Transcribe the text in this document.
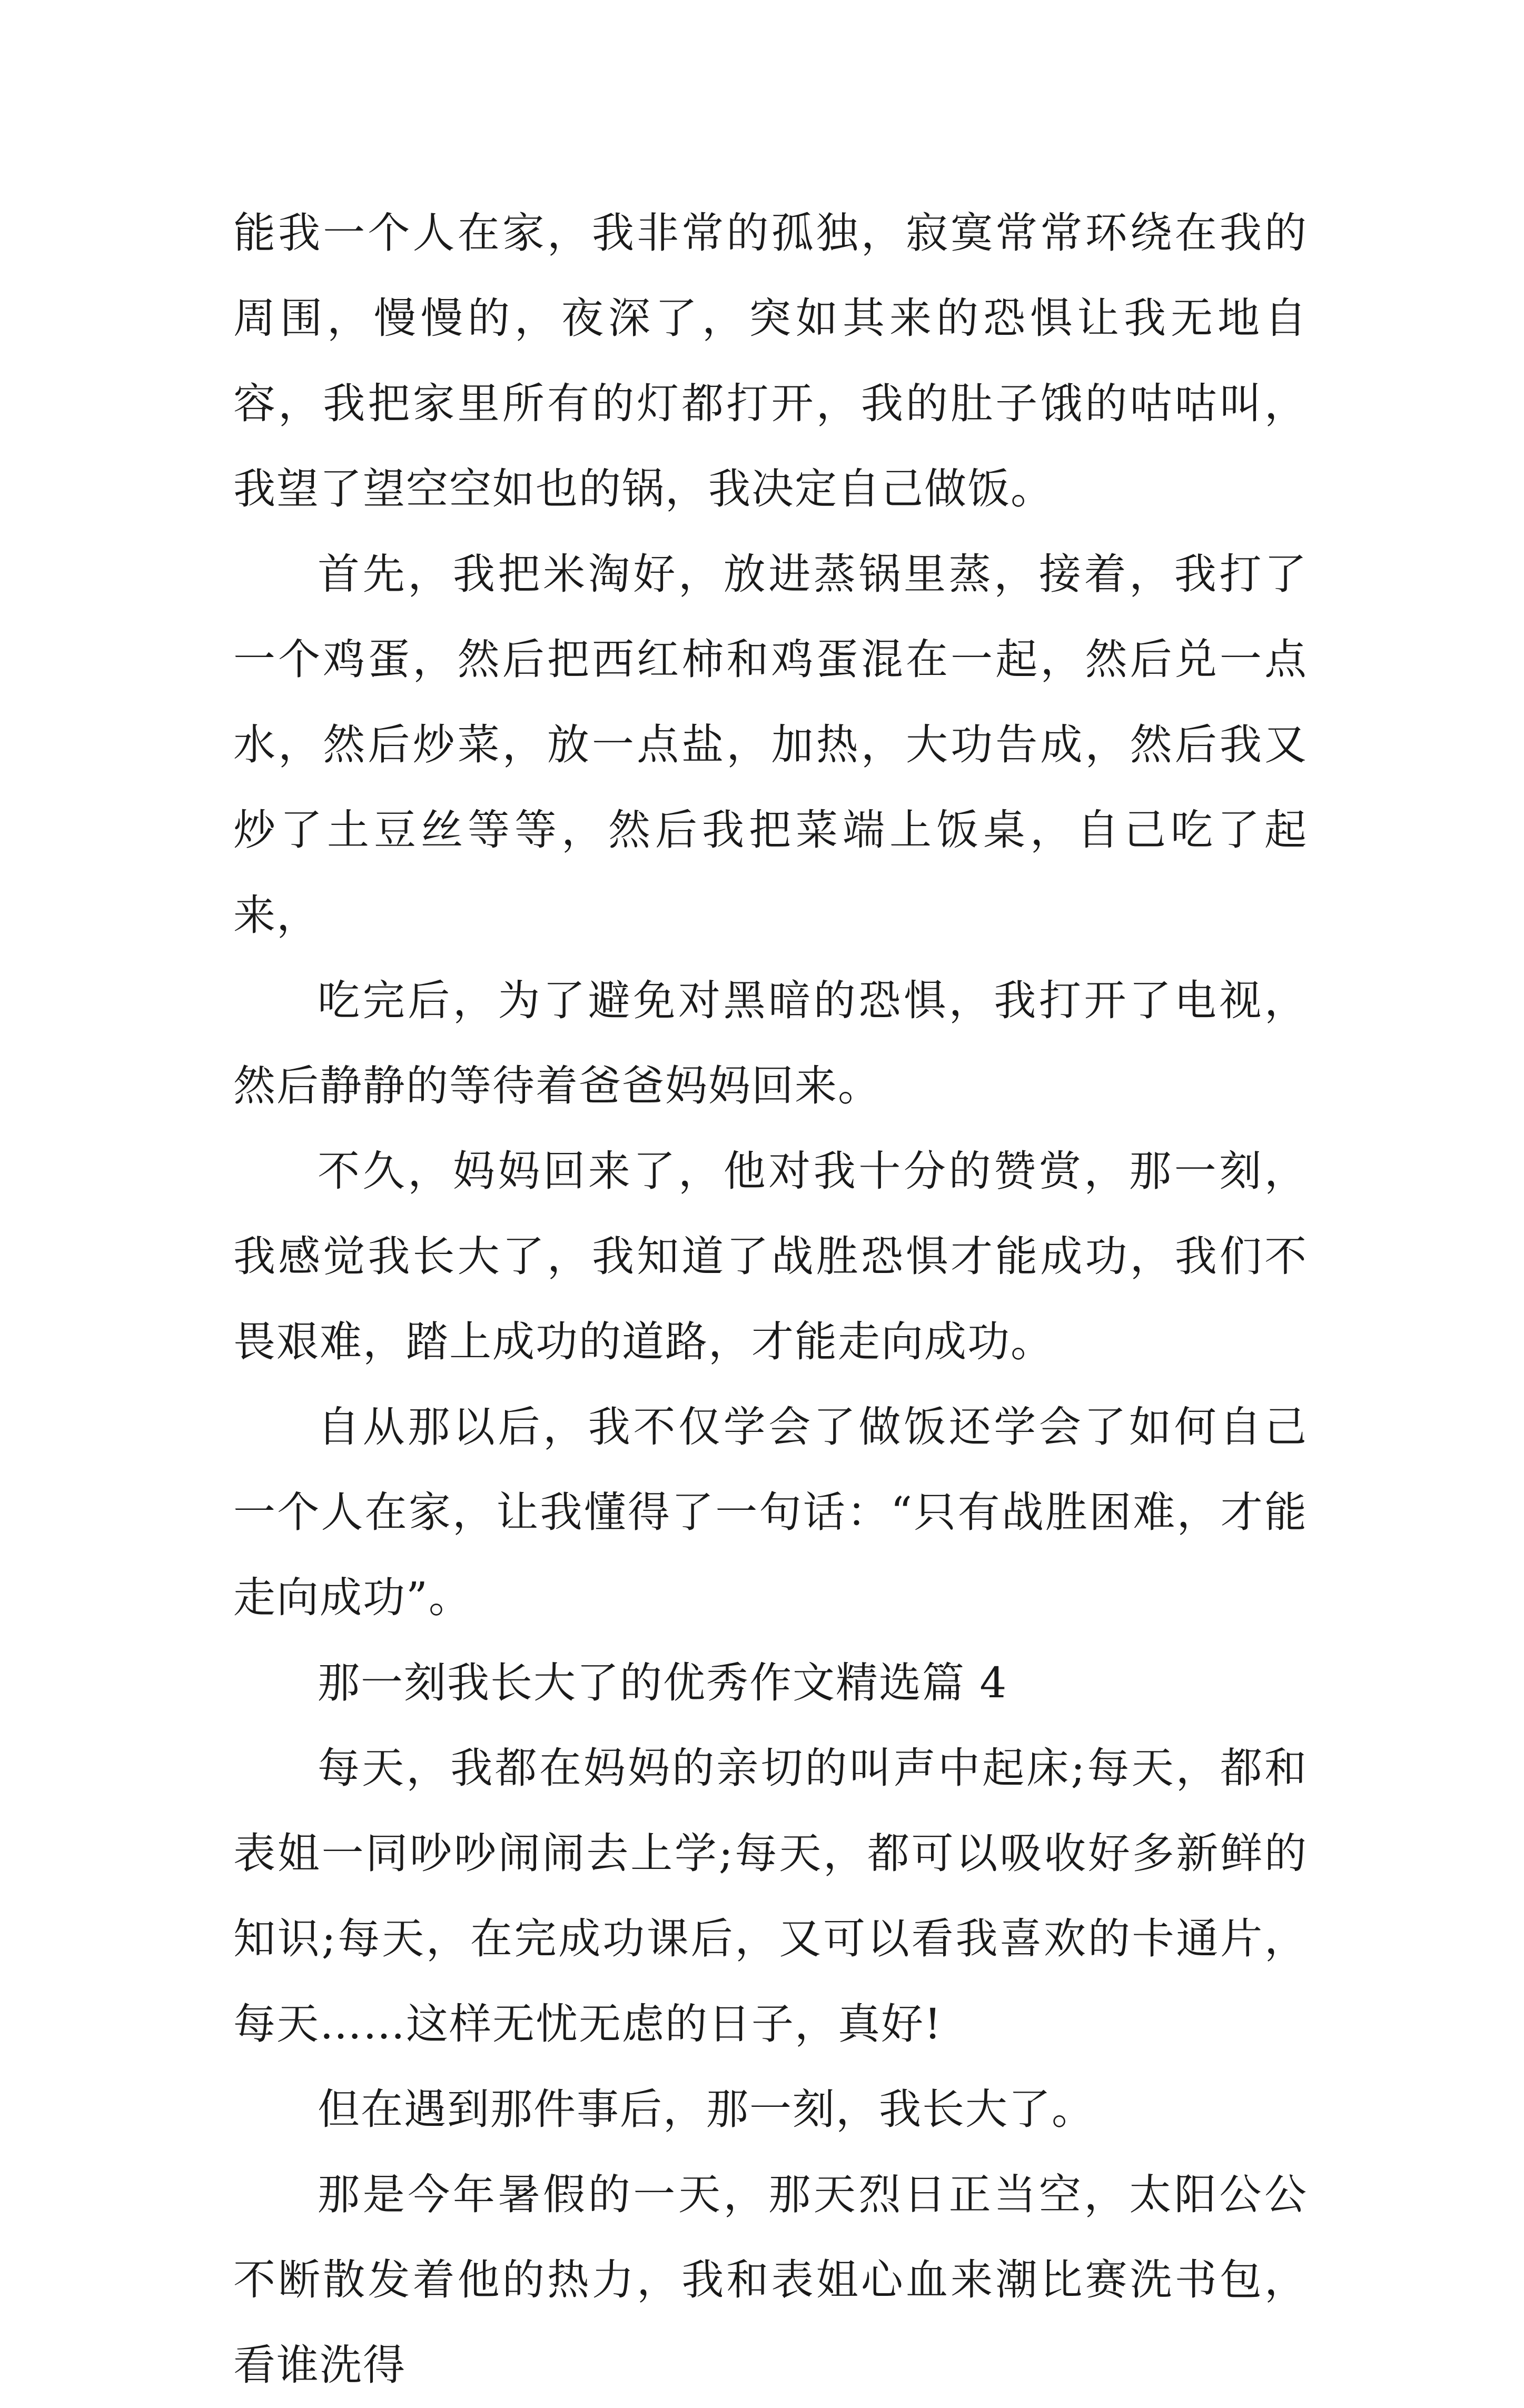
能我一个人在家，我非常的孤独，寂寞常常环绕在我的周围，慢慢的，夜深了，突如其来的恐惧让我无地自容，我把家里所有的灯都打开，我的肚子饿的咕咕叫，我望了望空空如也的锅，我决定自己做饭。

首先，我把米淘好，放进蒸锅里蒸，接着，我打了一个鸡蛋，然后把西红柿和鸡蛋混在一起，然后兑一点水，然后炒菜，放一点盐，加热，大功告成，然后我又炒了土豆丝等等，然后我把菜端上饭桌，自己吃了起来，

吃完后，为了避免对黑暗的恐惧，我打开了电视，然后静静的等待着爸爸妈妈回来。

不久，妈妈回来了，他对我十分的赞赏，那一刻，我感觉我长大了，我知道了战胜恐惧才能成功，我们不畏艰难，踏上成功的道路，才能走向成功。

自从那以后，我不仅学会了做饭还学会了如何自己一个人在家，让我懂得了一句话：“只有战胜困难，才能走向成功”。

那一刻我长大了的优秀作文精选篇 4

每天，我都在妈妈的亲切的叫声中起床;每天，都和表姐一同吵吵闹闹去上学;每天，都可以吸收好多新鲜的知识;每天，在完成功课后，又可以看我喜欢的卡通片，每天……这样无忧无虑的日子，真好!

但在遇到那件事后，那一刻，我长大了。

那是今年暑假的一天，那天烈日正当空，太阳公公不断散发着他的热力，我和表姐心血来潮比赛洗书包，看谁洗得
